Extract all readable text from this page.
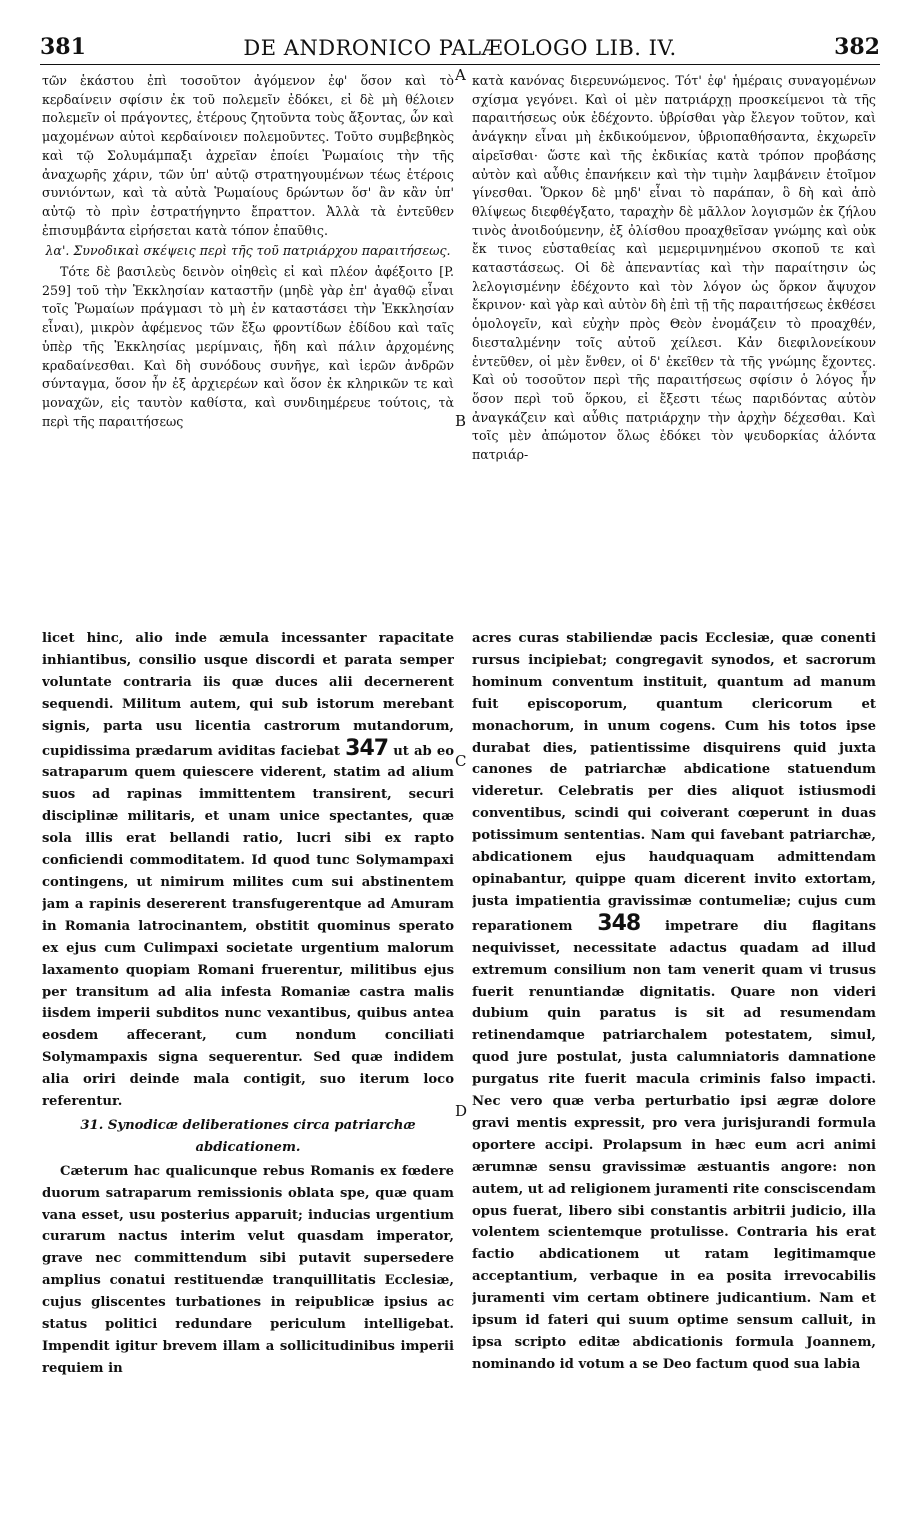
381	DE ANDRONICO PALÆOLOGO LIB. IV.	382

τῶν ἑκάστου ἐπὶ τοσοῦτον ἀγόμενον ἐφ' ὅσον καὶ τὸ κερδαίνειν σφίσιν ἐκ τοῦ πολεμεῖν ἐδόκει, εἰ δὲ μὴ θέλοιεν πολεμεῖν οἱ πράγοντες, ἑτέρους ζητοῦντα τοὺς ἄξοντας, ὧν καὶ μαχομένων αὐτοὶ κερδαίνοιεν πολεμοῦντες. Τοῦτο συμβεβηκὸς καὶ τῷ Σολυμάμπαξι ἀχρεῖαν ἐποίει Ῥωμαίοις τὴν τῆς ἀναχωρῆς χάριν, τῶν ὑπ' αὐτῷ στρατηγουμένων τέως ἑτέροις συνιόντων, καὶ τὰ αὐτὰ Ῥωμαίους δρώντων ὅσ' ἂν κἂν ὑπ' αὐτῷ τὸ πρὶν ἐστρατήγηντο ἔπραττον. Ἀλλὰ τὰ ἐντεῦθεν ἐπισυμβάντα εἰρήσεται κατὰ τόπον ἐπαῦθις.

λα'. Συνοδικαὶ σκέψεις περὶ τῆς τοῦ πατριάρχου παραιτήσεως.

Τότε δὲ βασιλεὺς δεινὸν οἰηθεὶς εἰ καὶ πλέον ἀφέξοιτο [P. 259] τοῦ τὴν Ἐκκλησίαν καταστῆν (μηδὲ γὰρ ἐπ' ἀγαθῷ εἶναι τοῖς Ῥωμαίων πράγμασι τὸ μὴ ἐν καταστάσει τὴν Ἐκκλησίαν εἶναι), μικρὸν ἀφέμενος τῶν ἔξω φροντίδων ἐδίδου καὶ ταῖς ὑπὲρ τῆς Ἐκκλησίας μερίμναις, ἤδη καὶ πάλιν ἀρχομένης κραδαίνεσθαι. Καὶ δὴ συνόδους συνῆγε, καὶ ἱερῶν ἀνδρῶν σύνταγμα, ὅσον ἦν ἐξ ἀρχιερέων καὶ ὅσον ἐκ κληρικῶν τε καὶ μοναχῶν, εἰς ταυτὸν καθίστα, καὶ συνδιημέρευε τούτοις, τὰ περὶ τῆς παραιτήσεως

κατὰ κανόνας διερευνώμενος. Τότ' ἐφ' ἡμέραις συναγομένων σχίσμα γεγόνει. Καὶ οἱ μὲν πατριάρχῃ προσκείμενοι τὰ τῆς παραιτήσεως οὐκ ἐδέχοντο. ὑβρίσθαι γὰρ ἔλεγον τοῦτον, καὶ ἀνάγκην εἶναι μὴ ἐκδικούμενον, ὑβριοπαθήσαντα, ἐκχωρεῖν αἱρεῖσθαι· ὥστε καὶ τῆς ἐκδικίας κατὰ τρόπον προβάσης αὐτὸν καὶ αὖθις ἐπανήκειν καὶ τὴν τιμὴν λαμβάνειν ἑτοῖμον γίνεσθαι. Ὅρκον δὲ μηδ' εἶναι τὸ παράπαν, ὃ δὴ καὶ ἀπὸ θλίψεως διεφθέγξατο, ταραχὴν δὲ μᾶλλον λογισμῶν ἐκ ζήλου τινὸς ἀνοιδούμενην, ἐξ ὀλίσθου προαχθεῖσαν γνώμης καὶ οὐκ ἔκ τινος εὐσταθείας καὶ μεμεριμνημένου σκοποῦ τε καὶ καταστάσεως. Οἱ δὲ ἀπεναντίας καὶ τὴν παραίτησιν ὡς λελογισμένην ἐδέχοντο καὶ τὸν λόγον ὡς ὅρκον ἄψυχον ἔκρινον· καὶ γὰρ καὶ αὐτὸν δὴ ἐπὶ τῇ τῆς παραιτήσεως ἐκθέσει ὁμολογεῖν, καὶ εὐχὴν πρὸς Θεὸν ἐνομάζειν τὸ προαχθέν, διεσταλμένην τοῖς αὐτοῦ χείλεσι. Κἀν διεφιλονείκουν ἐντεῦθεν, οἱ μὲν ἔνθεν, οἱ δ' ἐκεῖθεν τὰ τῆς γνώμης ἔχοντες. Καὶ οὐ τοσοῦτον περὶ τῆς παραιτήσεως σφίσιν ὁ λόγος ἦν ὅσον περὶ τοῦ ὅρκου, εἰ ἔξεστι τέως παριδόντας αὐτὸν ἀναγκάζειν καὶ αὖθις πατριάρχην τὴν ἀρχὴν δέχεσθαι. Καὶ τοῖς μὲν ἀπώμοτον ὅλως ἐδόκει τὸν ψευδορκίας ἁλόντα πατριάρ-

A
B
C
D

licet hinc, alio inde æmula incessanter rapacitate inhiantibus, consilio usque discordi et parata semper voluntate contraria iis quæ duces alii decernerent sequendi. Militum autem, qui sub istorum merebant signis, parta usu licentia castrorum mutandorum, cupidissima prædarum aviditas faciebat 347 ut ab eo satraparum quem quiescere viderent, statim ad alium suos ad rapinas immittentem transirent, securi disciplinæ militaris, et unam unice spectantes, quæ sola illis erat bellandi ratio, lucri sibi ex rapto conficiendi commoditatem. Id quod tunc Solymampaxi contingens, ut nimirum milites cum sui abstinentem jam a rapinis desererent transfugerentque ad Amuram in Romania latrocinantem, obstitit quominus sperato ex ejus cum Culimpaxi societate urgentium malorum laxamento quopiam Romani fruerentur, militibus ejus per transitum ad alia infesta Romaniæ castra malis iisdem imperii subditos nunc vexantibus, quibus antea eosdem affecerant, cum nondum conciliati Solymampaxis signa sequerentur. Sed quæ indidem alia oriri deinde mala contigit, suo iterum loco referentur.

31. Synodicæ deliberationes circa patriarchæ abdicationem.

Cæterum hac qualicunque rebus Romanis ex fœdere duorum satraparum remissionis oblata spe, quæ quam vana esset, usu posterius apparuit; inducias urgentium curarum nactus interim velut quasdam imperator, grave nec committendum sibi putavit supersedere amplius conatui restituendæ tranquillitatis Ecclesiæ, cujus gliscentes turbationes in reipublicæ ipsius ac status politici redundare periculum intelligebat. Impendit igitur brevem illam a sollicitudinibus imperii requiem in

acres curas stabiliendæ pacis Ecclesiæ, quæ conenti rursus incipiebat; congregavit synodos, et sacrorum hominum conventum instituit, quantum ad manum fuit episcoporum, quantum clericorum et monachorum, in unum cogens. Cum his totos ipse durabat dies, patientissime disquirens quid juxta canones de patriarchæ abdicatione statuendum videretur. Celebratis per dies aliquot istiusmodi conventibus, scindi qui coiverant cœperunt in duas potissimum sententias. Nam qui favebant patriarchæ, abdicationem ejus haudquaquam admittendam opinabantur, quippe quam dicerent invito extortam, justa impatientia gravissimæ contumeliæ; cujus cum reparationem 348 impetrare diu flagitans nequivisset, necessitate adactus quadam ad illud extremum consilium non tam venerit quam vi trusus fuerit renuntiandæ dignitatis. Quare non videri dubium quin paratus is sit ad resumendam retinendamque patriarchalem potestatem, simul, quod jure postulat, justa calumniatoris damnatione purgatus rite fuerit macula criminis falso impacti. Nec vero quæ verba perturbatio ipsi ægræ dolore gravi mentis expressit, pro vera jurisjurandi formula oportere accipi. Prolapsum in hæc eum acri animi ærumnæ sensu gravissimæ æstuantis angore: non autem, ut ad religionem juramenti rite consciscendam opus fuerat, libero sibi constantis arbitrii judicio, illa volentem scientemque protulisse. Contraria his erat factio abdicationem ut ratam legitimamque acceptantium, verbaque in ea posita irrevocabilis juramenti vim certam obtinere judicantium. Nam et ipsum id fateri qui suum optime sensum calluit, in ipsa scripto editæ abdicationis formula Joannem, nominando id votum a se Deo factum quod sua labia
